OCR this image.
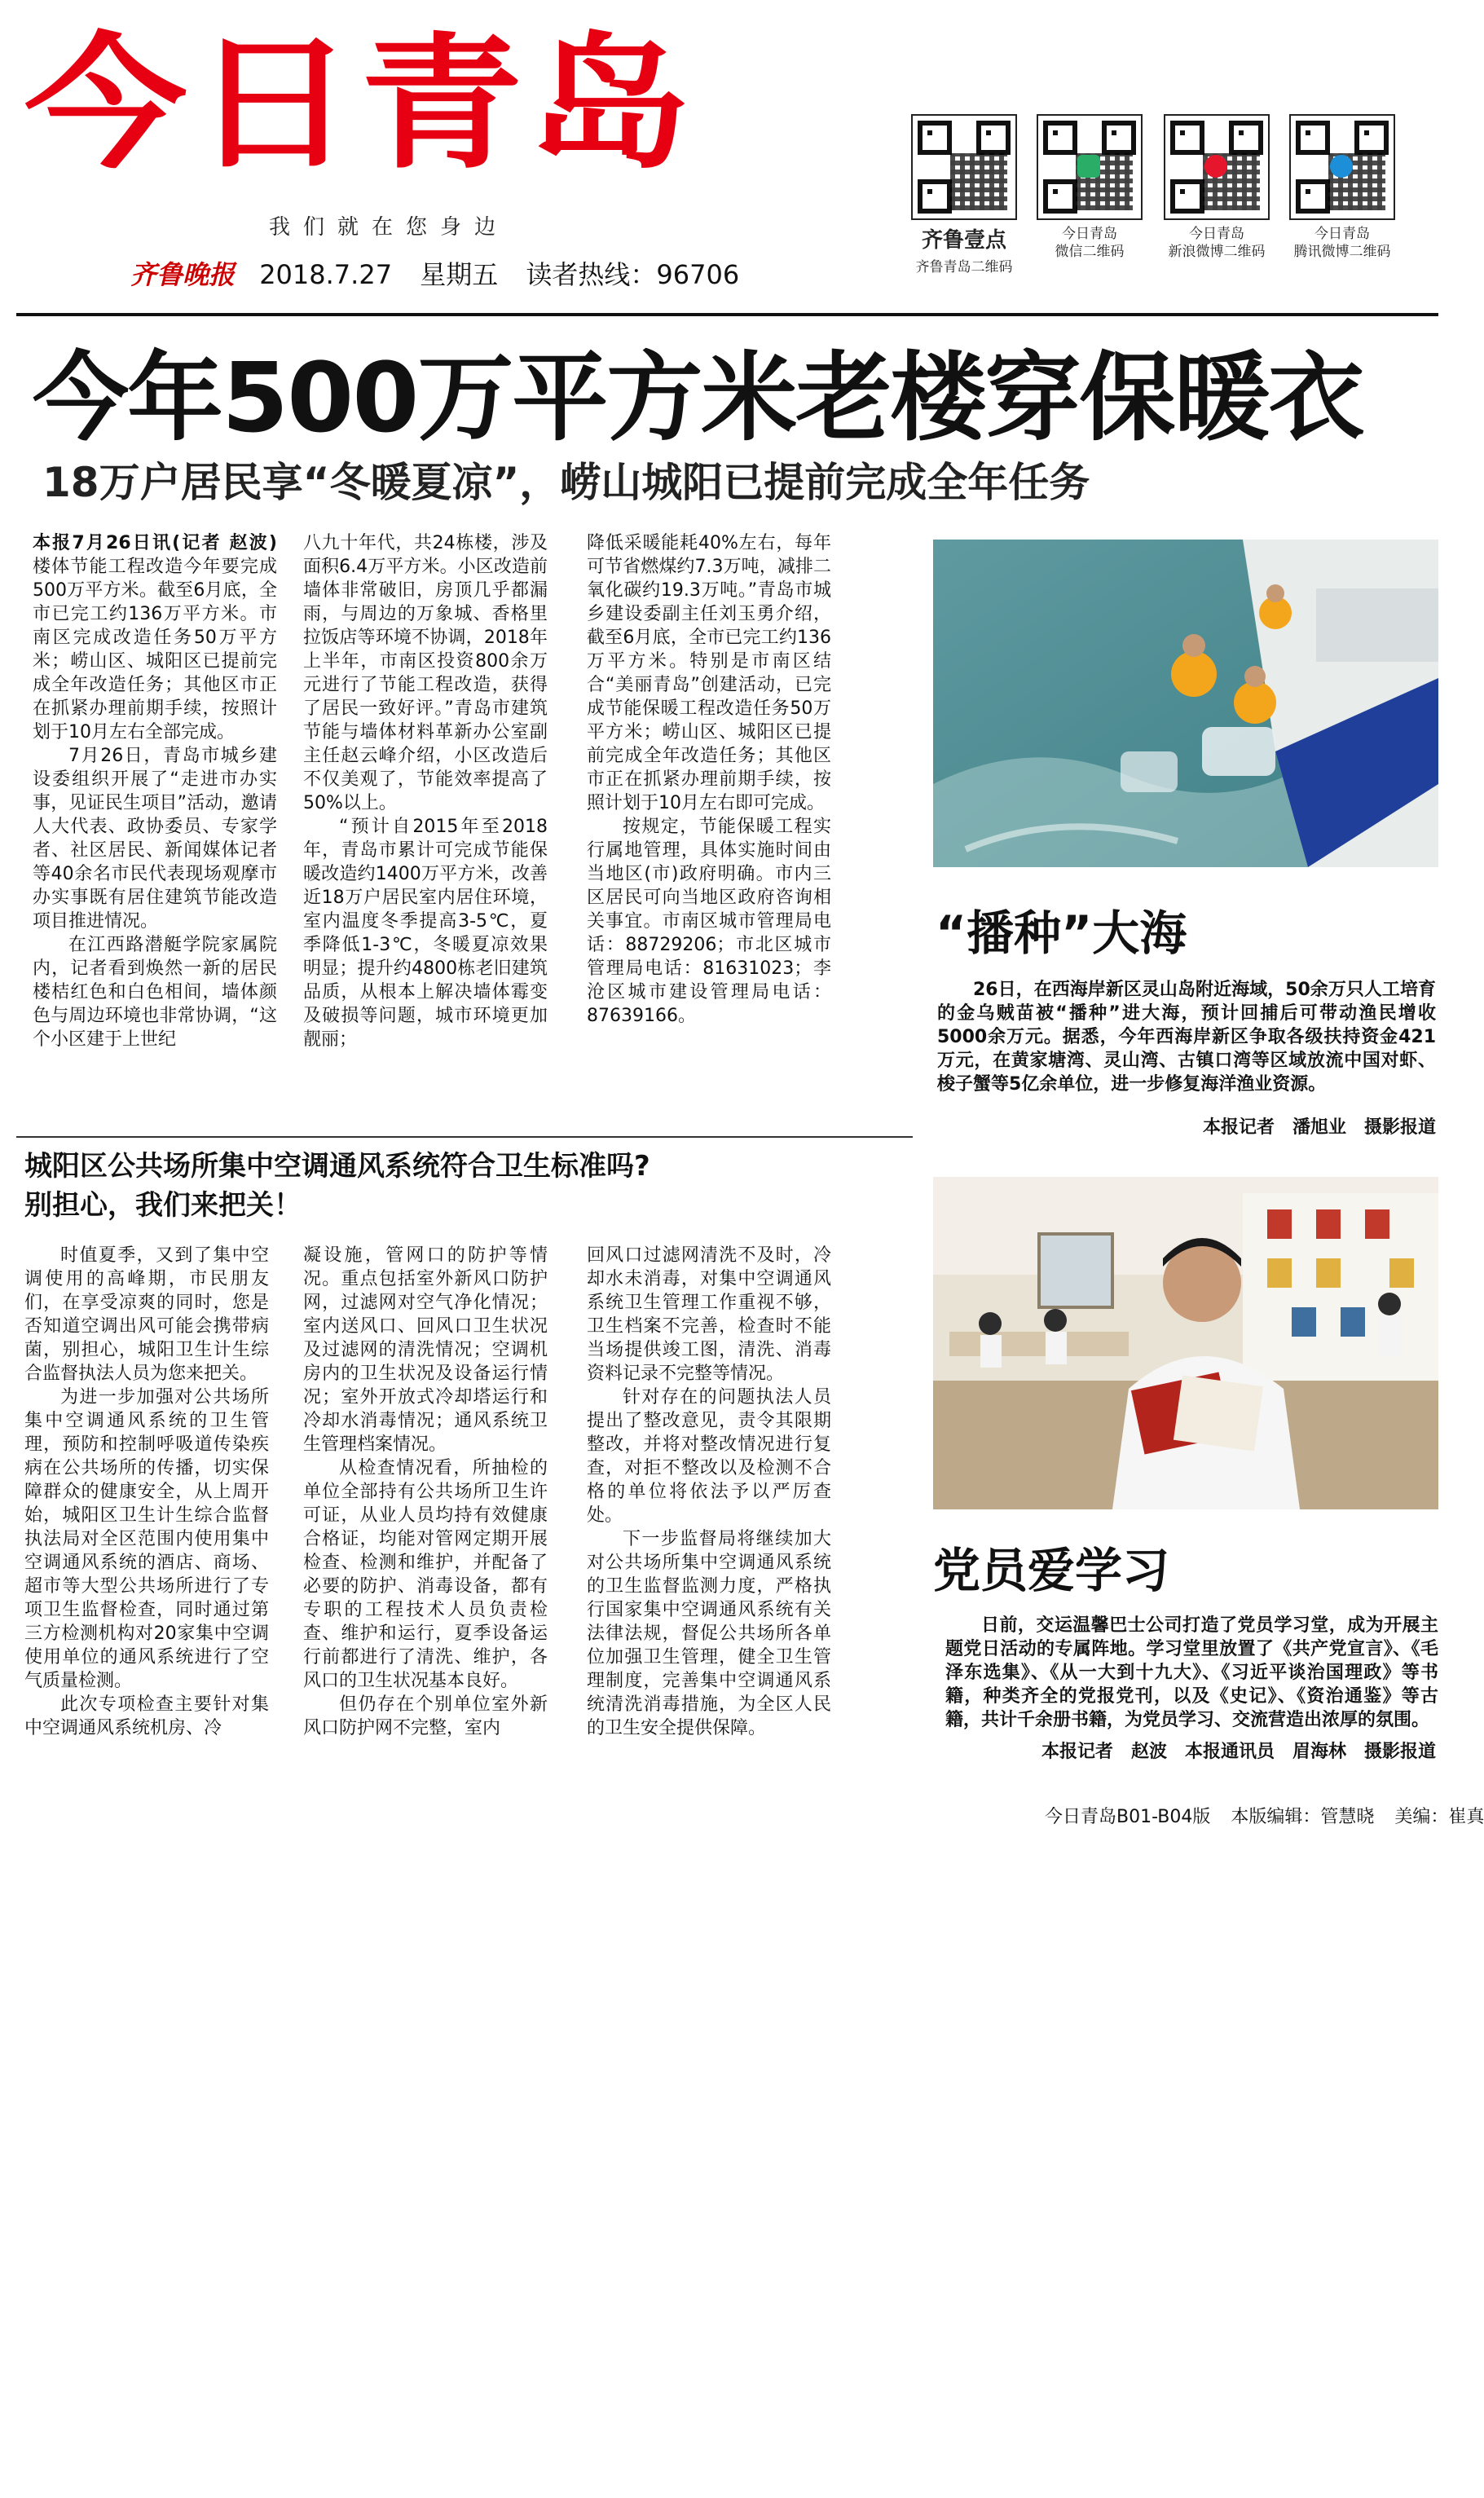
今日青岛
我们就在您身边
齐鲁晚报 2018.7.27 星期五 读者热线：96706
齐鲁壹点
齐鲁青岛二维码
今日青岛
微信二维码
今日青岛
新浪微博二维码
今日青岛
腾讯微博二维码
今年500万平方米老楼穿保暖衣
18万户居民享“冬暖夏凉”，崂山城阳已提前完成全年任务

本报7月26日讯(记者 赵波) 楼体节能工程改造今年要完成500万平方米。截至6月底，全市已完工约136万平方米。市南区完成改造任务50万平方米；崂山区、城阳区已提前完成全年改造任务；其他区市正在抓紧办理前期手续，按照计划于10月左右全部完成。

7月26日，青岛市城乡建设委组织开展了“走进市办实事，见证民生项目”活动，邀请人大代表、政协委员、专家学者、社区居民、新闻媒体记者等40余名市民代表现场观摩市办实事既有居住建筑节能改造项目推进情况。

在江西路潜艇学院家属院内，记者看到焕然一新的居民楼桔红色和白色相间，墙体颜色与周边环境也非常协调，“这个小区建于上世纪

八九十年代，共24栋楼，涉及面积6.4万平方米。小区改造前墙体非常破旧，房顶几乎都漏雨，与周边的万象城、香格里拉饭店等环境不协调，2018年上半年，市南区投资800余万元进行了节能工程改造，获得了居民一致好评。”青岛市建筑节能与墙体材料革新办公室副主任赵云峰介绍，小区改造后不仅美观了，节能效率提高了50%以上。

“预计自2015年至2018年，青岛市累计可完成节能保暖改造约1400万平方米，改善近18万户居民室内居住环境，室内温度冬季提高3-5℃，夏季降低1-3℃，冬暖夏凉效果明显；提升约4800栋老旧建筑品质，从根本上解决墙体霉变及破损等问题，城市环境更加靓丽；

降低采暖能耗40%左右，每年可节省燃煤约7.3万吨，减排二氧化碳约19.3万吨。”青岛市城乡建设委副主任刘玉勇介绍，截至6月底，全市已完工约136万平方米。特别是市南区结合“美丽青岛”创建活动，已完成节能保暖工程改造任务50万平方米；崂山区、城阳区已提前完成全年改造任务；其他区市正在抓紧办理前期手续，按照计划于10月左右即可完成。

按规定，节能保暖工程实行属地管理，具体实施时间由当地区(市)政府明确。市内三区居民可向当地区政府咨询相关事宜。市南区城市管理局电话：88729206；市北区城市管理局电话：81631023；李沧区城市建设管理局电话：87639166。

“播种”大海

26日，在西海岸新区灵山岛附近海域，50余万只人工培育的金乌贼苗被“播种”进大海，预计回捕后可带动渔民增收5000余万元。据悉，今年西海岸新区争取各级扶持资金421万元，在黄家塘湾、灵山湾、古镇口湾等区域放流中国对虾、梭子蟹等5亿余单位，进一步修复海洋渔业资源。

本报记者　潘旭业　摄影报道
城阳区公共场所集中空调通风系统符合卫生标准吗?
别担心，我们来把关！

时值夏季，又到了集中空调使用的高峰期，市民朋友们，在享受凉爽的同时，您是否知道空调出风可能会携带病菌，别担心，城阳卫生计生综合监督执法人员为您来把关。

为进一步加强对公共场所集中空调通风系统的卫生管理，预防和控制呼吸道传染疾病在公共场所的传播，切实保障群众的健康安全，从上周开始，城阳区卫生计生综合监督执法局对全区范围内使用集中空调通风系统的酒店、商场、超市等大型公共场所进行了专项卫生监督检查，同时通过第三方检测机构对20家集中空调使用单位的通风系统进行了空气质量检测。

此次专项检查主要针对集中空调通风系统机房、冷

凝设施，管网口的防护等情况。重点包括室外新风口防护网，过滤网对空气净化情况；室内送风口、回风口卫生状况及过滤网的清洗情况；空调机房内的卫生状况及设备运行情况；室外开放式冷却塔运行和冷却水消毒情况；通风系统卫生管理档案情况。

从检查情况看，所抽检的单位全部持有公共场所卫生许可证，从业人员均持有效健康合格证，均能对管网定期开展检查、检测和维护，并配备了必要的防护、消毒设备，都有专职的工程技术人员负责检查、维护和运行，夏季设备运行前都进行了清洗、维护，各风口的卫生状况基本良好。

但仍存在个别单位室外新风口防护网不完整，室内

回风口过滤网清洗不及时，冷却水未消毒，对集中空调通风系统卫生管理工作重视不够，卫生档案不完善，检查时不能当场提供竣工图，清洗、消毒资料记录不完整等情况。

针对存在的问题执法人员提出了整改意见，责令其限期整改，并将对整改情况进行复查，对拒不整改以及检测不合格的单位将依法予以严厉查处。

下一步监督局将继续加大对公共场所集中空调通风系统的卫生监督监测力度，严格执行国家集中空调通风系统有关法律法规，督促公共场所各单位加强卫生管理，健全卫生管理制度，完善集中空调通风系统清洗消毒措施，为全区人民的卫生安全提供保障。

党员爱学习

日前，交运温馨巴士公司打造了党员学习堂，成为开展主题党日活动的专属阵地。学习堂里放置了《共产党宣言》、《毛泽东选集》、《从一大到十九大》、《习近平谈治国理政》等书籍，种类齐全的党报党刊，以及《史记》、《资治通鉴》等古籍，共计千余册书籍，为党员学习、交流营造出浓厚的氛围。

本报记者　赵波　本报通讯员　眉海林　摄影报道
今日青岛B01-B04版 本版编辑：管慧晓 美编：崔真
